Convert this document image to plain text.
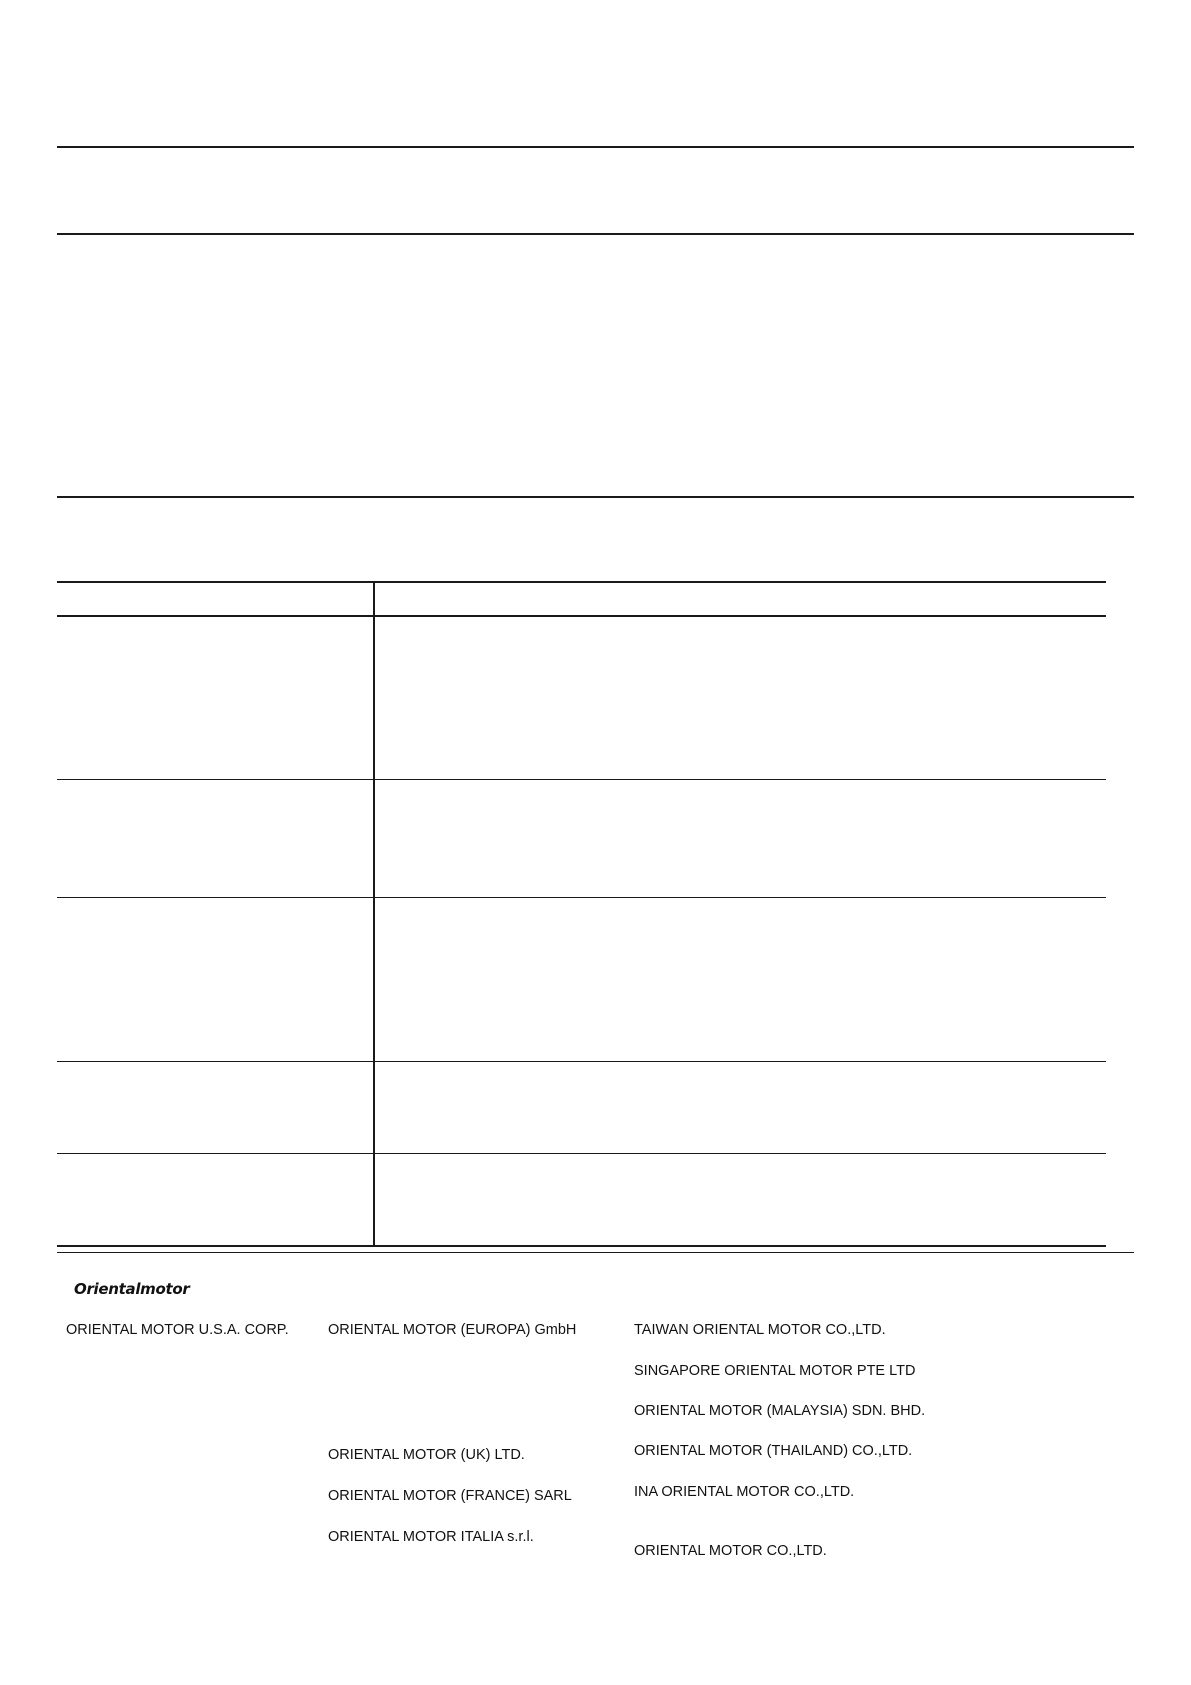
Orientalmotor
ORIENTAL MOTOR U.S.A. CORP.	ORIENTAL MOTOR (EUROPA) GmbH
ORIENTAL MOTOR (UK) LTD.
ORIENTAL MOTOR (FRANCE) SARL
ORIENTAL MOTOR ITALIA s.r.l.
TAIWAN ORIENTAL MOTOR CO.,LTD.
SINGAPORE ORIENTAL MOTOR PTE LTD
ORIENTAL MOTOR (MALAYSIA) SDN. BHD.
ORIENTAL MOTOR (THAILAND) CO.,LTD.
INA ORIENTAL MOTOR CO.,LTD.
ORIENTAL MOTOR CO.,LTD.
